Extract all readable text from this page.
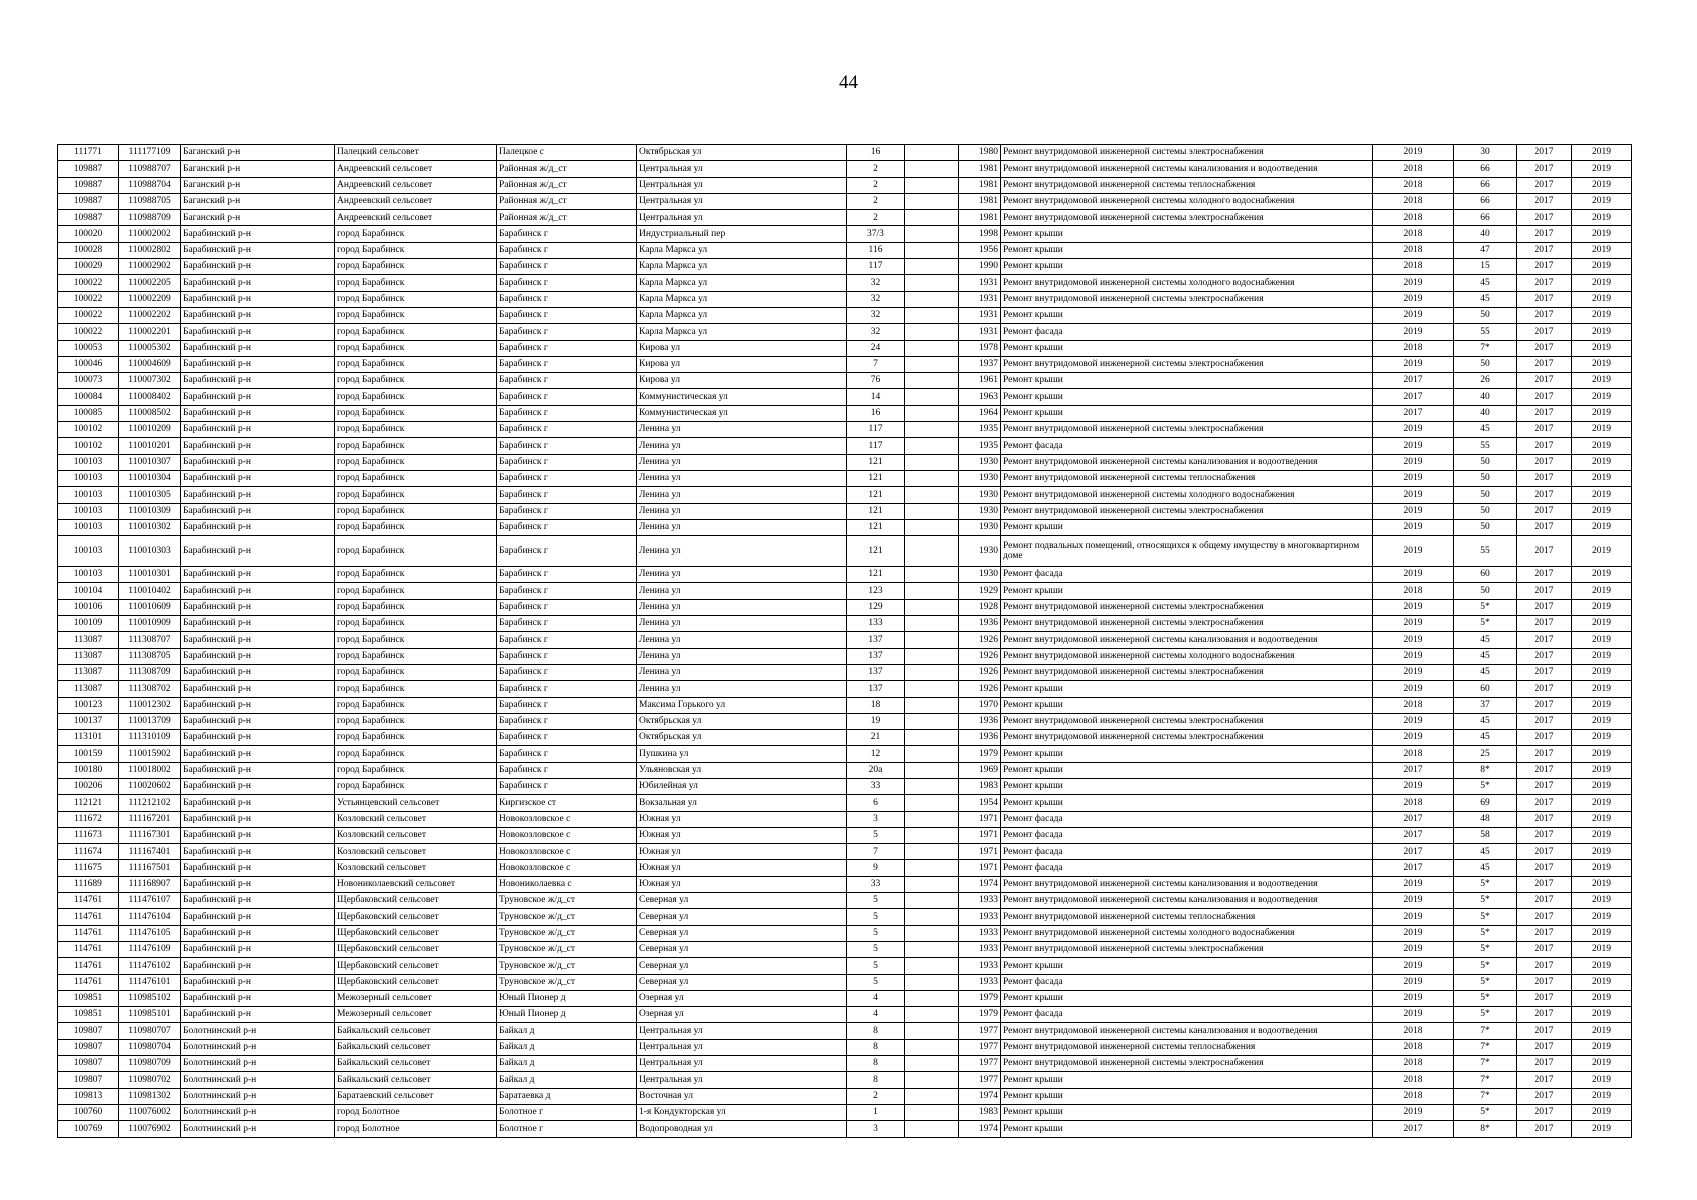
44
111771	111177109	Баганский р-н	Палецкий сельсовет	Палецкое с	Октябрьская ул	16		1980	Ремонт внутридомовой инженерной системы электроснабжения	2019	30	2017	2019
109887	110988707	Баганский р-н	Андреевский сельсовет	Районная ж/д_ст	Центральная ул	2		1981	Ремонт внутридомовой инженерной системы канализования и водоотведения	2018	66	2017	2019
109887	110988704	Баганский р-н	Андреевский сельсовет	Районная ж/д_ст	Центральная ул	2		1981	Ремонт внутридомовой инженерной системы теплоснабжения	2018	66	2017	2019
109887	110988705	Баганский р-н	Андреевский сельсовет	Районная ж/д_ст	Центральная ул	2		1981	Ремонт внутридомовой инженерной системы холодного водоснабжения	2018	66	2017	2019
109887	110988709	Баганский р-н	Андреевский сельсовет	Районная ж/д_ст	Центральная ул	2		1981	Ремонт внутридомовой инженерной системы электроснабжения	2018	66	2017	2019
100020	110002002	Барабинский р-н	город Барабинск	Барабинск г	Индустриальный пер	37/3		1998	Ремонт крыши	2018	40	2017	2019
100028	110002802	Барабинский р-н	город Барабинск	Барабинск г	Карла Маркса ул	116		1956	Ремонт крыши	2018	47	2017	2019
100029	110002902	Барабинский р-н	город Барабинск	Барабинск г	Карла Маркса ул	117		1990	Ремонт крыши	2018	15	2017	2019
100022	110002205	Барабинский р-н	город Барабинск	Барабинск г	Карла Маркса ул	32		1931	Ремонт внутридомовой инженерной системы холодного водоснабжения	2019	45	2017	2019
100022	110002209	Барабинский р-н	город Барабинск	Барабинск г	Карла Маркса ул	32		1931	Ремонт внутридомовой инженерной системы электроснабжения	2019	45	2017	2019
100022	110002202	Барабинский р-н	город Барабинск	Барабинск г	Карла Маркса ул	32		1931	Ремонт крыши	2019	50	2017	2019
100022	110002201	Барабинский р-н	город Барабинск	Барабинск г	Карла Маркса ул	32		1931	Ремонт фасада	2019	55	2017	2019
100053	110005302	Барабинский р-н	город Барабинск	Барабинск г	Кирова ул	24		1978	Ремонт крыши	2018	7*	2017	2019
100046	110004609	Барабинский р-н	город Барабинск	Барабинск г	Кирова ул	7		1937	Ремонт внутридомовой инженерной системы электроснабжения	2019	50	2017	2019
100073	110007302	Барабинский р-н	город Барабинск	Барабинск г	Кирова ул	76		1961	Ремонт крыши	2017	26	2017	2019
100084	110008402	Барабинский р-н	город Барабинск	Барабинск г	Коммунистическая ул	14		1963	Ремонт крыши	2017	40	2017	2019
100085	110008502	Барабинский р-н	город Барабинск	Барабинск г	Коммунистическая ул	16		1964	Ремонт крыши	2017	40	2017	2019
100102	110010209	Барабинский р-н	город Барабинск	Барабинск г	Ленина ул	117		1935	Ремонт внутридомовой инженерной системы электроснабжения	2019	45	2017	2019
100102	110010201	Барабинский р-н	город Барабинск	Барабинск г	Ленина ул	117		1935	Ремонт фасада	2019	55	2017	2019
100103	110010307	Барабинский р-н	город Барабинск	Барабинск г	Ленина ул	121		1930	Ремонт внутридомовой инженерной системы канализования и водоотведения	2019	50	2017	2019
100103	110010304	Барабинский р-н	город Барабинск	Барабинск г	Ленина ул	121		1930	Ремонт внутридомовой инженерной системы теплоснабжения	2019	50	2017	2019
100103	110010305	Барабинский р-н	город Барабинск	Барабинск г	Ленина ул	121		1930	Ремонт внутридомовой инженерной системы холодного водоснабжения	2019	50	2017	2019
100103	110010309	Барабинский р-н	город Барабинск	Барабинск г	Ленина ул	121		1930	Ремонт внутридомовой инженерной системы электроснабжения	2019	50	2017	2019
100103	110010302	Барабинский р-н	город Барабинск	Барабинск г	Ленина ул	121		1930	Ремонт крыши	2019	50	2017	2019
100103	110010303	Барабинский р-н	город Барабинск	Барабинск г	Ленина ул	121		1930	Ремонт подвальных помещений, относящихся к общему имуществу в многоквартирном доме	2019	55	2017	2019
100103	110010301	Барабинский р-н	город Барабинск	Барабинск г	Ленина ул	121		1930	Ремонт фасада	2019	60	2017	2019
100104	110010402	Барабинский р-н	город Барабинск	Барабинск г	Ленина ул	123		1929	Ремонт крыши	2018	50	2017	2019
100106	110010609	Барабинский р-н	город Барабинск	Барабинск г	Ленина ул	129		1928	Ремонт внутридомовой инженерной системы электроснабжения	2019	5*	2017	2019
100109	110010909	Барабинский р-н	город Барабинск	Барабинск г	Ленина ул	133		1936	Ремонт внутридомовой инженерной системы электроснабжения	2019	5*	2017	2019
113087	111308707	Барабинский р-н	город Барабинск	Барабинск г	Ленина ул	137		1926	Ремонт внутридомовой инженерной системы канализования и водоотведения	2019	45	2017	2019
113087	111308705	Барабинский р-н	город Барабинск	Барабинск г	Ленина ул	137		1926	Ремонт внутридомовой инженерной системы холодного водоснабжения	2019	45	2017	2019
113087	111308709	Барабинский р-н	город Барабинск	Барабинск г	Ленина ул	137		1926	Ремонт внутридомовой инженерной системы электроснабжения	2019	45	2017	2019
113087	111308702	Барабинский р-н	город Барабинск	Барабинск г	Ленина ул	137		1926	Ремонт крыши	2019	60	2017	2019
100123	110012302	Барабинский р-н	город Барабинск	Барабинск г	Максима Горького ул	18		1970	Ремонт крыши	2018	37	2017	2019
100137	110013709	Барабинский р-н	город Барабинск	Барабинск г	Октябрьская ул	19		1936	Ремонт внутридомовой инженерной системы электроснабжения	2019	45	2017	2019
113101	111310109	Барабинский р-н	город Барабинск	Барабинск г	Октябрьская ул	21		1936	Ремонт внутридомовой инженерной системы электроснабжения	2019	45	2017	2019
100159	110015902	Барабинский р-н	город Барабинск	Барабинск г	Пушкина ул	12		1979	Ремонт крыши	2018	25	2017	2019
100180	110018002	Барабинский р-н	город Барабинск	Барабинск г	Ульяновская ул	20а		1969	Ремонт крыши	2017	8*	2017	2019
100206	110020602	Барабинский р-н	город Барабинск	Барабинск г	Юбилейная ул	33		1983	Ремонт крыши	2019	5*	2017	2019
112121	111212102	Барабинский р-н	Устьянцевский сельсовет	Киргизское ст	Вокзальная ул	6		1954	Ремонт крыши	2018	69	2017	2019
111672	111167201	Барабинский р-н	Козловский сельсовет	Новокозловское с	Южная ул	3		1971	Ремонт фасада	2017	48	2017	2019
111673	111167301	Барабинский р-н	Козловский сельсовет	Новокозловское с	Южная ул	5		1971	Ремонт фасада	2017	58	2017	2019
111674	111167401	Барабинский р-н	Козловский сельсовет	Новокозловское с	Южная ул	7		1971	Ремонт фасада	2017	45	2017	2019
111675	111167501	Барабинский р-н	Козловский сельсовет	Новокозловское с	Южная ул	9		1971	Ремонт фасада	2017	45	2017	2019
111689	111168907	Барабинский р-н	Новониколаевский сельсовет	Новониколаевка с	Южная ул	33		1974	Ремонт внутридомовой инженерной системы канализования и водоотведения	2019	5*	2017	2019
114761	111476107	Барабинский р-н	Щербаковский сельсовет	Труновское ж/д_ст	Северная ул	5		1933	Ремонт внутридомовой инженерной системы канализования и водоотведения	2019	5*	2017	2019
114761	111476104	Барабинский р-н	Щербаковский сельсовет	Труновское ж/д_ст	Северная ул	5		1933	Ремонт внутридомовой инженерной системы теплоснабжения	2019	5*	2017	2019
114761	111476105	Барабинский р-н	Щербаковский сельсовет	Труновское ж/д_ст	Северная ул	5		1933	Ремонт внутридомовой инженерной системы холодного водоснабжения	2019	5*	2017	2019
114761	111476109	Барабинский р-н	Щербаковский сельсовет	Труновское ж/д_ст	Северная ул	5		1933	Ремонт внутридомовой инженерной системы электроснабжения	2019	5*	2017	2019
114761	111476102	Барабинский р-н	Щербаковский сельсовет	Труновское ж/д_ст	Северная ул	5		1933	Ремонт крыши	2019	5*	2017	2019
114761	111476101	Барабинский р-н	Щербаковский сельсовет	Труновское ж/д_ст	Северная ул	5		1933	Ремонт фасада	2019	5*	2017	2019
109851	110985102	Барабинский р-н	Межозерный сельсовет	Юный Пионер д	Озерная ул	4		1979	Ремонт крыши	2019	5*	2017	2019
109851	110985101	Барабинский р-н	Межозерный сельсовет	Юный Пионер д	Озерная ул	4		1979	Ремонт фасада	2019	5*	2017	2019
109807	110980707	Болотнинский р-н	Байкальский сельсовет	Байкал д	Центральная ул	8		1977	Ремонт внутридомовой инженерной системы канализования и водоотведения	2018	7*	2017	2019
109807	110980704	Болотнинский р-н	Байкальский сельсовет	Байкал д	Центральная ул	8		1977	Ремонт внутридомовой инженерной системы теплоснабжения	2018	7*	2017	2019
109807	110980709	Болотнинский р-н	Байкальский сельсовет	Байкал д	Центральная ул	8		1977	Ремонт внутридомовой инженерной системы электроснабжения	2018	7*	2017	2019
109807	110980702	Болотнинский р-н	Байкальский сельсовет	Байкал д	Центральная ул	8		1977	Ремонт крыши	2018	7*	2017	2019
109813	110981302	Болотнинский р-н	Баратаевский сельсовет	Баратаевка д	Восточная ул	2		1974	Ремонт крыши	2018	7*	2017	2019
100760	110076002	Болотнинский р-н	город Болотное	Болотное г	1-я Кондукторская ул	1		1983	Ремонт крыши	2019	5*	2017	2019
100769	110076902	Болотнинский р-н	город Болотное	Болотное г	Водопроводная ул	3		1974	Ремонт крыши	2017	8*	2017	2019
